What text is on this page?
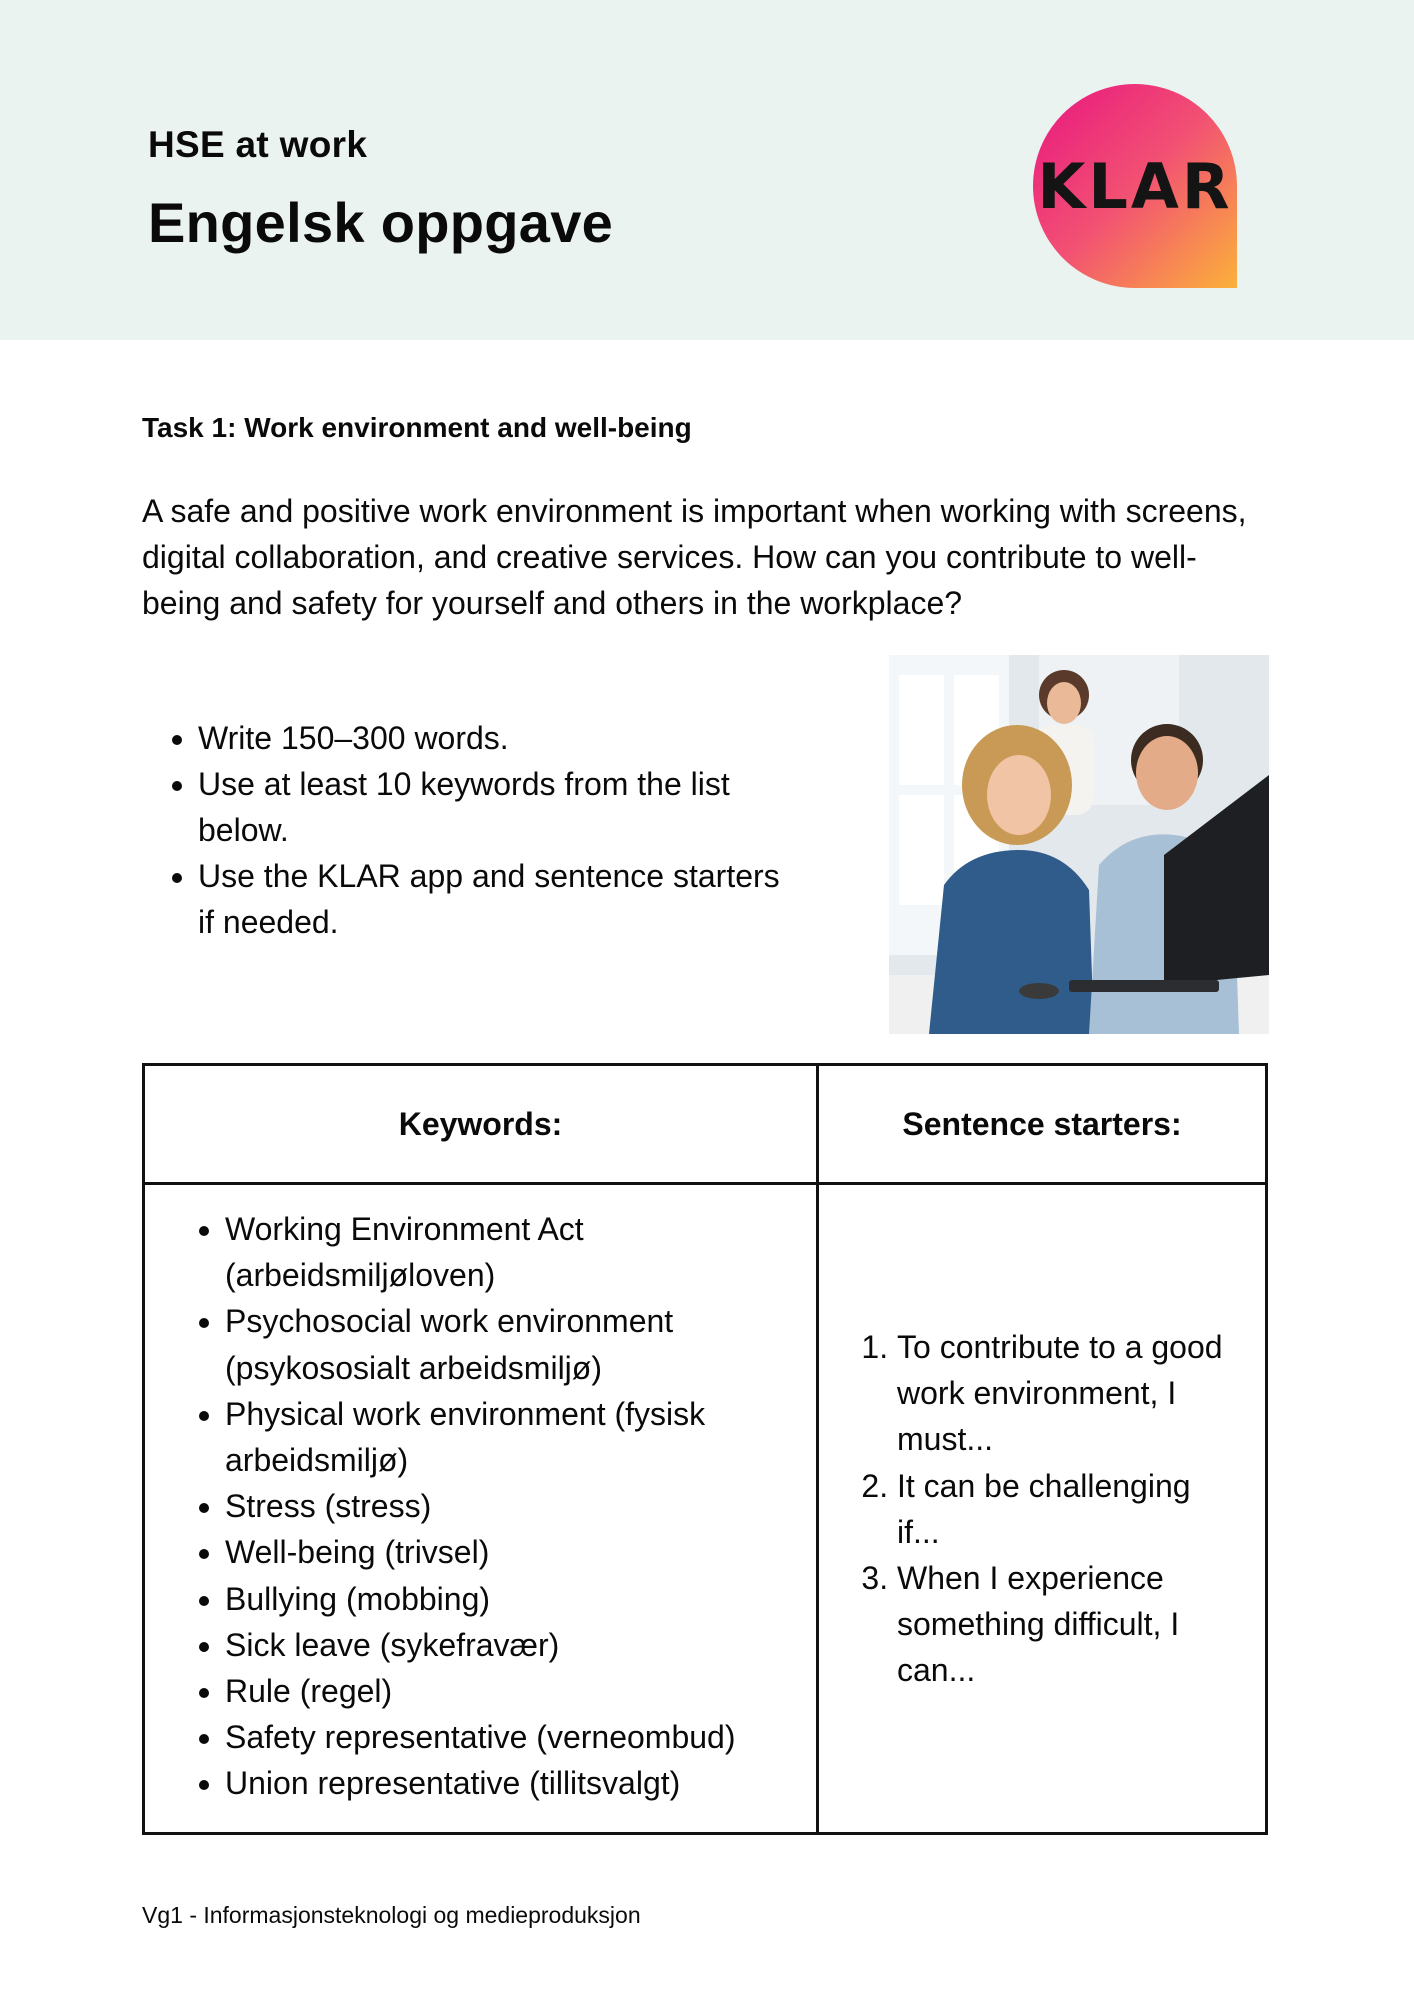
HSE at work
Engelsk oppgave	KLAR
Task 1: Work environment and well-being
A safe and positive work environment is important when working with screens, digital collaboration, and creative services. How can you contribute to well-being and safety for yourself and others in the workplace?
• Write 150–300 words.
• Use at least 10 keywords from the list below.
• Use the KLAR app and sentence starters if needed.
Keywords:	Sentence starters:
• Working Environment Act (arbeidsmiljøloven)
• Psychosocial work environment (psykososialt arbeidsmiljø)
• Physical work environment (fysisk arbeidsmiljø)
• Stress (stress)
• Well-being (trivsel)
• Bullying (mobbing)
• Sick leave (sykefravær)
• Rule (regel)
• Safety representative (verneombud)
• Union representative (tillitsvalgt)
1. To contribute to a good work environment, I must...
2. It can be challenging if...
3. When I experience something difficult, I can...
Vg1 - Informasjonsteknologi og medieproduksjon
